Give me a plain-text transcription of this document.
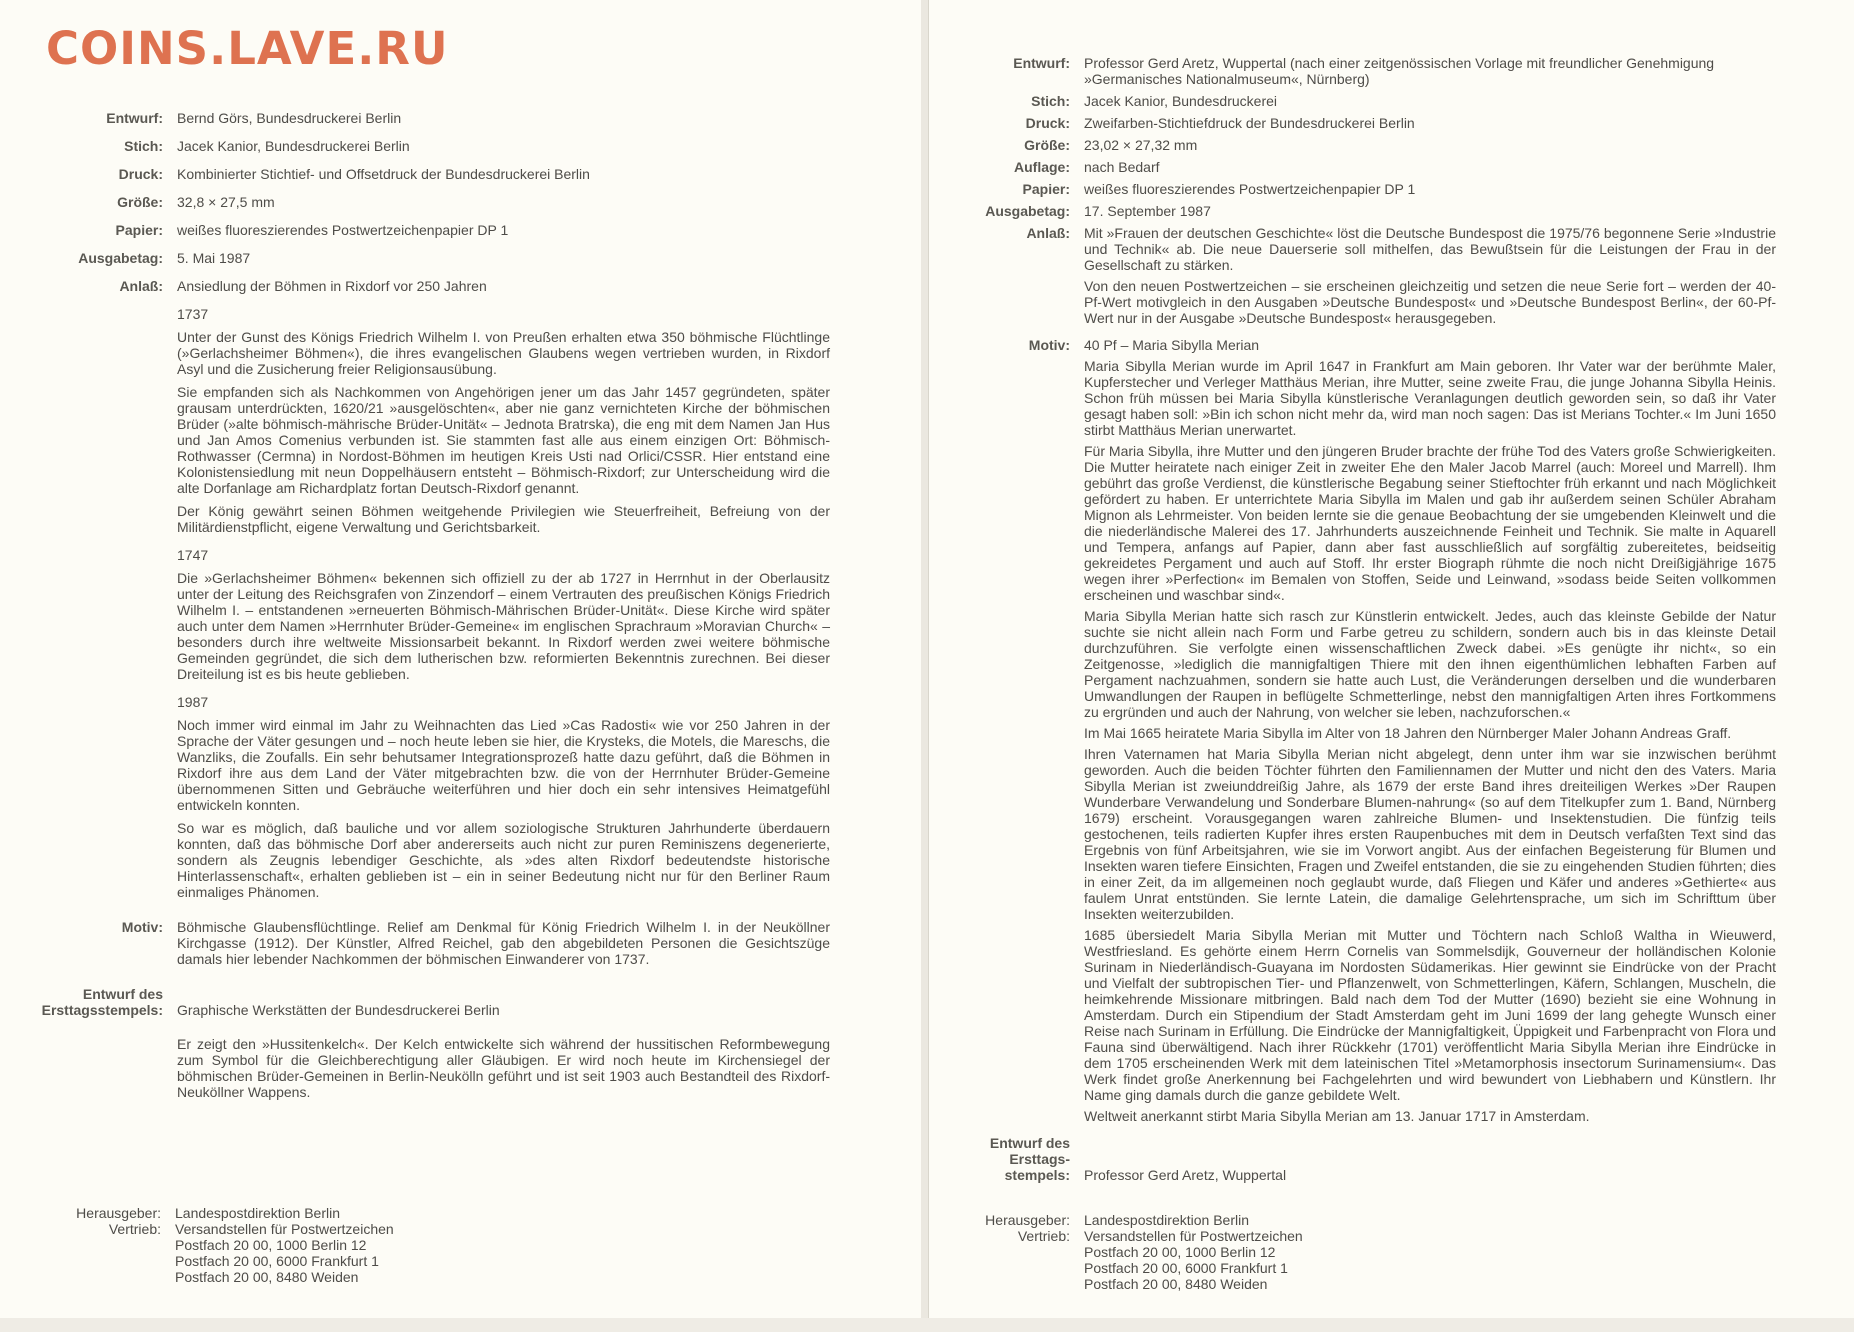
COINS.LAVE.RU
Entwurf:	Bernd Görs, Bundesdruckerei Berlin
Stich:	Jacek Kanior, Bundesdruckerei Berlin
Druck:	Kombinierter Stichtief- und Offsetdruck der Bundesdruckerei Berlin
Größe:	32,8 × 27,5 mm
Papier:	weißes fluoreszierendes Postwertzeichenpapier DP 1
Ausgabetag:	5. Mai 1987
Anlaß:	Ansiedlung der Böhmen in Rixdorf vor 250 Jahren

1737

Unter der Gunst des Königs Friedrich Wilhelm I. von Preußen erhalten etwa 350 böhmische Flüchtlinge (»Gerlachsheimer Böhmen«), die ihres evangelischen Glaubens wegen vertrieben wurden, in Rixdorf Asyl und die Zusicherung freier Religionsausübung.

Sie empfanden sich als Nachkommen von Angehörigen jener um das Jahr 1457 gegründeten, später grausam unterdrückten, 1620/21 »ausgelöschten«, aber nie ganz vernichteten Kirche der böhmischen Brüder (»alte böhmisch-mährische Brüder-Unität« – Jednota Bratrska), die eng mit dem Namen Jan Hus und Jan Amos Comenius verbunden ist. Sie stammten fast alle aus einem einzigen Ort: Böhmisch-Rothwasser (Cermna) in Nordost-Böhmen im heutigen Kreis Usti nad Orlici/CSSR. Hier entstand eine Kolonistensiedlung mit neun Doppelhäusern entsteht – Böhmisch-Rixdorf; zur Unterscheidung wird die alte Dorfanlage am Richardplatz fortan Deutsch-Rixdorf genannt.

Der König gewährt seinen Böhmen weitgehende Privilegien wie Steuerfreiheit, Befreiung von der Militärdienstpflicht, eigene Verwaltung und Gerichtsbarkeit.

1747

Die »Gerlachsheimer Böhmen« bekennen sich offiziell zu der ab 1727 in Herrnhut in der Oberlausitz unter der Leitung des Reichsgrafen von Zinzendorf – einem Vertrauten des preußischen Königs Friedrich Wilhelm I. – entstandenen »erneuerten Böhmisch-Mährischen Brüder-Unität«. Diese Kirche wird später auch unter dem Namen »Herrnhuter Brüder-Gemeine« im englischen Sprachraum »Moravian Church« – besonders durch ihre weltweite Missionsarbeit bekannt. In Rixdorf werden zwei weitere böhmische Gemeinden gegründet, die sich dem lutherischen bzw. reformierten Bekenntnis zurechnen. Bei dieser Dreiteilung ist es bis heute geblieben.

1987

Noch immer wird einmal im Jahr zu Weihnachten das Lied »Cas Radosti« wie vor 250 Jahren in der Sprache der Väter gesungen und – noch heute leben sie hier, die Krysteks, die Motels, die Mareschs, die Wanzliks, die Zoufalls. Ein sehr behutsamer Integrationsprozeß hatte dazu geführt, daß die Böhmen in Rixdorf ihre aus dem Land der Väter mitgebrachten bzw. die von der Herrnhuter Brüder-Gemeine übernommenen Sitten und Gebräuche weiterführen und hier doch ein sehr intensives Heimatgefühl entwickeln konnten.

So war es möglich, daß bauliche und vor allem soziologische Strukturen Jahrhunderte überdauern konnten, daß das böhmische Dorf aber andererseits auch nicht zur puren Reminiszens degenerierte, sondern als Zeugnis lebendiger Geschichte, als »des alten Rixdorf bedeutendste historische Hinterlassenschaft«, erhalten geblieben ist – ein in seiner Bedeutung nicht nur für den Berliner Raum einmaliges Phänomen.

Motiv:	Böhmische Glaubensflüchtlinge. Relief am Denkmal für König Friedrich Wilhelm I. in der Neuköllner Kirchgasse (1912). Der Künstler, Alfred Reichel, gab den abgebildeten Personen die Gesichtszüge damals hier lebender Nachkommen der böhmischen Einwanderer von 1737.

Entwurf des
Ersttagsstempels: Graphische Werkstätten der Bundesdruckerei Berlin

Er zeigt den »Hussitenkelch«. Der Kelch entwickelte sich während der hussitischen Reformbewegung zum Symbol für die Gleichberechtigung aller Gläubigen. Er wird noch heute im Kirchensiegel der böhmischen Brüder-Gemeinen in Berlin-Neukölln geführt und ist seit 1903 auch Bestandteil des Rixdorf-Neuköllner Wappens.

Herausgeber:	Landespostdirektion Berlin
Vertrieb:	Versandstellen für Postwertzeichen
Postfach 20 00, 1000 Berlin 12
Postfach 20 00, 6000 Frankfurt 1
Postfach 20 00, 8480 Weiden
Entwurf:	Professor Gerd Aretz, Wuppertal (nach einer zeitgenössischen Vorlage mit freundlicher Genehmigung »Germanisches Nationalmuseum«, Nürnberg)
Stich:	Jacek Kanior, Bundesdruckerei
Druck:	Zweifarben-Stichtiefdruck der Bundesdruckerei Berlin
Größe:	23,02 × 27,32 mm
Auflage:	nach Bedarf
Papier:	weißes fluoreszierendes Postwertzeichenpapier DP 1
Ausgabetag:	17. September 1987
Anlaß:	Mit »Frauen der deutschen Geschichte« löst die Deutsche Bundespost die 1975/76 begonnene Serie »Industrie und Technik« ab. Die neue Dauerserie soll mithelfen, das Bewußtsein für die Leistungen der Frau in der Gesellschaft zu stärken.

Von den neuen Postwertzeichen – sie erscheinen gleichzeitig und setzen die neue Serie fort – werden der 40-Pf-Wert motivgleich in den Ausgaben »Deutsche Bundespost« und »Deutsche Bundespost Berlin«, der 60-Pf-Wert nur in der Ausgabe »Deutsche Bundespost« herausgegeben.

Motiv:	40 Pf – Maria Sibylla Merian

Maria Sibylla Merian wurde im April 1647 in Frankfurt am Main geboren. Ihr Vater war der berühmte Maler, Kupferstecher und Verleger Matthäus Merian, ihre Mutter, seine zweite Frau, die junge Johanna Sibylla Heinis. Schon früh müssen bei Maria Sibylla künstlerische Veranlagungen deutlich geworden sein, so daß ihr Vater gesagt haben soll: »Bin ich schon nicht mehr da, wird man noch sagen: Das ist Merians Tochter.« Im Juni 1650 stirbt Matthäus Merian unerwartet.

Für Maria Sibylla, ihre Mutter und den jüngeren Bruder brachte der frühe Tod des Vaters große Schwierigkeiten. Die Mutter heiratete nach einiger Zeit in zweiter Ehe den Maler Jacob Marrel (auch: Moreel und Marrell). Ihm gebührt das große Verdienst, die künstlerische Begabung seiner Stieftochter früh erkannt und nach Möglichkeit gefördert zu haben. Er unterrichtete Maria Sibylla im Malen und gab ihr außerdem seinen Schüler Abraham Mignon als Lehrmeister. Von beiden lernte sie die genaue Beobachtung der sie umgebenden Kleinwelt und die die niederländische Malerei des 17. Jahrhunderts auszeichnende Feinheit und Technik. Sie malte in Aquarell und Tempera, anfangs auf Papier, dann aber fast ausschließlich auf sorgfältig zubereitetes, beidseitig gekreidetes Pergament und auch auf Stoff. Ihr erster Biograph rühmte die noch nicht Dreißigjährige 1675 wegen ihrer »Perfection« im Bemalen von Stoffen, Seide und Leinwand, »sodass beide Seiten vollkommen erscheinen und waschbar sind«.

Maria Sibylla Merian hatte sich rasch zur Künstlerin entwickelt. Jedes, auch das kleinste Gebilde der Natur suchte sie nicht allein nach Form und Farbe getreu zu schildern, sondern auch bis in das kleinste Detail durchzuführen. Sie verfolgte einen wissenschaftlichen Zweck dabei. »Es genügte ihr nicht«, so ein Zeitgenosse, »lediglich die mannigfaltigen Thiere mit den ihnen eigenthümlichen lebhaften Farben auf Pergament nachzuahmen, sondern sie hatte auch Lust, die Veränderungen derselben und die wunderbaren Umwandlungen der Raupen in beflügelte Schmetterlinge, nebst den mannigfaltigen Arten ihres Fortkommens zu ergründen und auch der Nahrung, von welcher sie leben, nachzuforschen.«

Im Mai 1665 heiratete Maria Sibylla im Alter von 18 Jahren den Nürnberger Maler Johann Andreas Graff.

Ihren Vaternamen hat Maria Sibylla Merian nicht abgelegt, denn unter ihm war sie inzwischen berühmt geworden. Auch die beiden Töchter führten den Familiennamen der Mutter und nicht den des Vaters. Maria Sibylla Merian ist zweiunddreißig Jahre, als 1679 der erste Band ihres dreiteiligen Werkes »Der Raupen Wunderbare Verwandelung und Sonderbare Blumen-nahrung« (so auf dem Titelkupfer zum 1. Band, Nürnberg 1679) erscheint. Vorausgegangen waren zahlreiche Blumen- und Insektenstudien. Die fünfzig teils gestochenen, teils radierten Kupfer ihres ersten Raupenbuches mit dem in Deutsch verfaßten Text sind das Ergebnis von fünf Arbeitsjahren, wie sie im Vorwort angibt. Aus der einfachen Begeisterung für Blumen und Insekten waren tiefere Einsichten, Fragen und Zweifel entstanden, die sie zu eingehenden Studien führten; dies in einer Zeit, da im allgemeinen noch geglaubt wurde, daß Fliegen und Käfer und anderes »Gethierte« aus faulem Unrat entstünden. Sie lernte Latein, die damalige Gelehrtensprache, um sich im Schrifttum über Insekten weiterzubilden.

1685 übersiedelt Maria Sibylla Merian mit Mutter und Töchtern nach Schloß Waltha in Wieuwerd, Westfriesland. Es gehörte einem Herrn Cornelis van Sommelsdijk, Gouverneur der holländischen Kolonie Surinam in Niederländisch-Guayana im Nordosten Südamerikas. Hier gewinnt sie Eindrücke von der Pracht und Vielfalt der subtropischen Tier- und Pflanzenwelt, von Schmetterlingen, Käfern, Schlangen, Muscheln, die heimkehrende Missionare mitbringen. Bald nach dem Tod der Mutter (1690) bezieht sie eine Wohnung in Amsterdam. Durch ein Stipendium der Stadt Amsterdam geht im Juni 1699 der lang gehegte Wunsch einer Reise nach Surinam in Erfüllung. Die Eindrücke der Mannigfaltigkeit, Üppigkeit und Farbenpracht von Flora und Fauna sind überwältigend. Nach ihrer Rückkehr (1701) veröffentlicht Maria Sibylla Merian ihre Eindrücke in dem 1705 erscheinenden Werk mit dem lateinischen Titel »Metamorphosis insectorum Surinamensium«. Das Werk findet große Anerkennung bei Fachgelehrten und wird bewundert von Liebhabern und Künstlern. Ihr Name ging damals durch die ganze gebildete Welt.

Weltweit anerkannt stirbt Maria Sibylla Merian am 13. Januar 1717 in Amsterdam.

Entwurf des
Ersttags-
stempels: Professor Gerd Aretz, Wuppertal

Herausgeber:	Landespostdirektion Berlin
Vertrieb:	Versandstellen für Postwertzeichen
Postfach 20 00, 1000 Berlin 12
Postfach 20 00, 6000 Frankfurt 1
Postfach 20 00, 8480 Weiden
